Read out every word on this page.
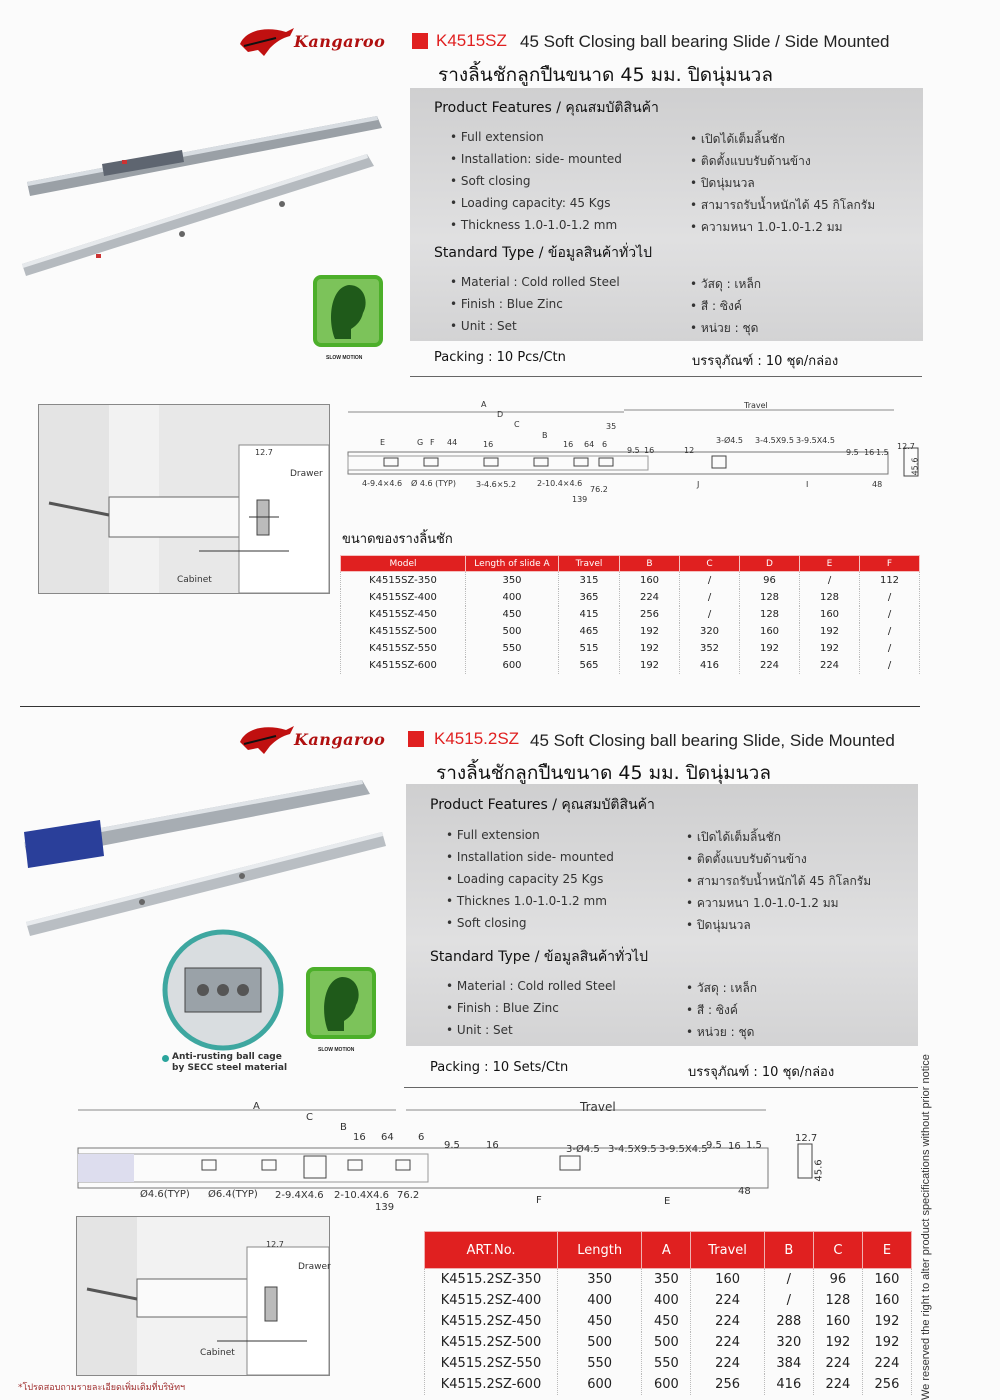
Kangaroo	K4515SZ 45 Soft Closing ball bearing Slide / Side Mounted
รางลิ้นชักลูกปืนขนาด 45 มม. ปิดนุ่มนวล
SLOW MOTION
Product Features / คุณสมบัติสินค้า
• Full extension
• Installation: side- mounted
• Soft closing
• Loading capacity: 45 Kgs
• Thickness 1.0-1.0-1.2 mm
• เปิดได้เต็มลิ้นชัก
• ติดตั้งแบบรับด้านข้าง
• ปิดนุ่มนวล
• สามารถรับน้ำหนักได้ 45 กิโลกรัม
• ความหนา 1.0-1.0-1.2 มม
Standard Type / ข้อมูลสินค้าทั่วไป
• Material : Cold rolled Steel
• Finish : Blue Zinc
• Unit : Set
• วัสดุ : เหล็ก
• สี : ซิงค์
• หน่วย : ชุด
Packing : 10 Pcs/Ctn	บรรจุภัณฑ์ : 10 ชุด/กล่อง
12.7
Drawer
Cabinet
A
D
C
B
E	G F 44	16	16 64 6
35
Travel
9.5 16	12
3-Ø4.5 3-4.5X9.5 3-9.5X4.5
9.5 16 1.5
12.7
45.6
4-9.4×4.6 Ø 4.6 (TYP)	3-4.6×5.2	2-10.4×4.6
76.2
139
J	I	48
ขนาดของรางลิ้นชัก
Model	Length of slide A	Travel	B	C	D	E	F
K4515SZ-350	350	315	160	/	96	/	112
K4515SZ-400	400	365	224	/	128	128	/
K4515SZ-450	450	415	256	/	128	160	/
K4515SZ-500	500	465	192	320	160	192	/
K4515SZ-550	550	515	192	352	192	192	/
K4515SZ-600	600	565	192	416	224	224	/
Kangaroo	K4515.2SZ 45 Soft Closing ball bearing Slide, Side Mounted
รางลิ้นชักลูกปืนขนาด 45 มม. ปิดนุ่มนวล
Anti-rusting ball cage by SECC steel material
SLOW MOTION
Product Features / คุณสมบัติสินค้า
• Full extension
• Installation side- mounted
• Loading capacity 25 Kgs
• Thicknes 1.0-1.0-1.2 mm
• Soft closing
• เปิดได้เต็มลิ้นชัก
• ติดตั้งแบบรับด้านข้าง
• สามารถรับน้ำหนักได้ 45 กิโลกรัม
• ความหนา 1.0-1.0-1.2 มม
• ปิดนุ่มนวล
Standard Type / ข้อมูลสินค้าทั่วไป
• Material : Cold rolled Steel
• Finish : Blue Zinc
• Unit : Set
• วัสดุ : เหล็ก
• สี : ซิงค์
• หน่วย : ชุด
Packing : 10 Sets/Ctn	บรรจุภัณฑ์ : 10 ชุด/กล่อง
A
C
B
16 64 6
9.5	16
Travel
3-Ø4.5 3-4.5X9.5 3-9.5X4.5
9.5 16 1.5
12.7
45.6
Ø4.6(TYP) Ø6.4(TYP) 2-9.4X4.6 2-10.4X4.6 76.2
139
F	E
48
12.7
Drawer
Cabinet
ART.No.	Length	A	Travel	B	C	E
K4515.2SZ-350	350	350	160	/	96	160
K4515.2SZ-400	400	400	224	/	128	160
K4515.2SZ-450	450	450	224	288	160	192
K4515.2SZ-500	500	500	224	320	192	192
K4515.2SZ-550	550	550	224	384	224	224
K4515.2SZ-600	600	600	256	416	224	256 We reserved the right to alter product specifications without prior notice
*โปรดสอบถามรายละเอียดเพิ่มเติมที่บริษัทฯ
